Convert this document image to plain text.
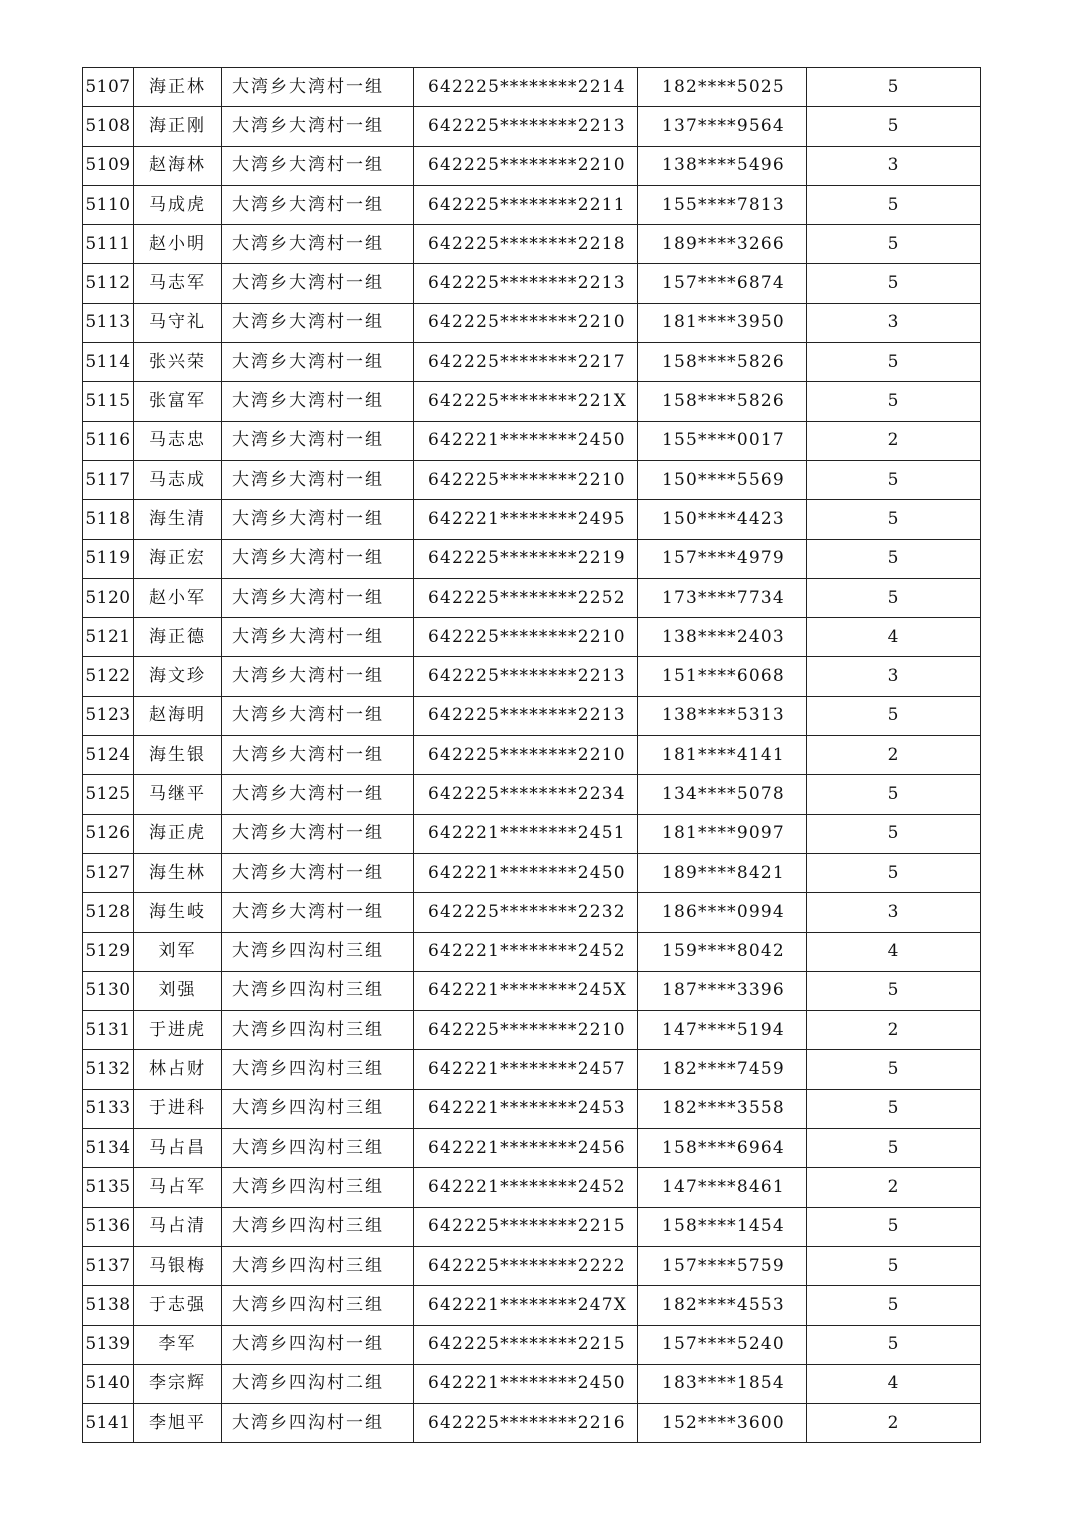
5107	海正林	大湾乡大湾村一组	642225********2214	182****5025	5
5108	海正刚	大湾乡大湾村一组	642225********2213	137****9564	5
5109	赵海林	大湾乡大湾村一组	642225********2210	138****5496	3
5110	马成虎	大湾乡大湾村一组	642225********2211	155****7813	5
5111	赵小明	大湾乡大湾村一组	642225********2218	189****3266	5
5112	马志军	大湾乡大湾村一组	642225********2213	157****6874	5
5113	马守礼	大湾乡大湾村一组	642225********2210	181****3950	3
5114	张兴荣	大湾乡大湾村一组	642225********2217	158****5826	5
5115	张富军	大湾乡大湾村一组	642225********221X	158****5826	5
5116	马志忠	大湾乡大湾村一组	642221********2450	155****0017	2
5117	马志成	大湾乡大湾村一组	642225********2210	150****5569	5
5118	海生清	大湾乡大湾村一组	642221********2495	150****4423	5
5119	海正宏	大湾乡大湾村一组	642225********2219	157****4979	5
5120	赵小军	大湾乡大湾村一组	642225********2252	173****7734	5
5121	海正德	大湾乡大湾村一组	642225********2210	138****2403	4
5122	海文珍	大湾乡大湾村一组	642225********2213	151****6068	3
5123	赵海明	大湾乡大湾村一组	642225********2213	138****5313	5
5124	海生银	大湾乡大湾村一组	642225********2210	181****4141	2
5125	马继平	大湾乡大湾村一组	642225********2234	134****5078	5
5126	海正虎	大湾乡大湾村一组	642221********2451	181****9097	5
5127	海生林	大湾乡大湾村一组	642221********2450	189****8421	5
5128	海生岐	大湾乡大湾村一组	642225********2232	186****0994	3
5129	刘军	大湾乡四沟村三组	642221********2452	159****8042	4
5130	刘强	大湾乡四沟村三组	642221********245X	187****3396	5
5131	于进虎	大湾乡四沟村三组	642225********2210	147****5194	2
5132	林占财	大湾乡四沟村三组	642221********2457	182****7459	5
5133	于进科	大湾乡四沟村三组	642221********2453	182****3558	5
5134	马占昌	大湾乡四沟村三组	642221********2456	158****6964	5
5135	马占军	大湾乡四沟村三组	642221********2452	147****8461	2
5136	马占清	大湾乡四沟村三组	642225********2215	158****1454	5
5137	马银梅	大湾乡四沟村三组	642225********2222	157****5759	5
5138	于志强	大湾乡四沟村三组	642221********247X	182****4553	5
5139	李军	大湾乡四沟村一组	642225********2215	157****5240	5
5140	李宗辉	大湾乡四沟村二组	642221********2450	183****1854	4
5141	李旭平	大湾乡四沟村一组	642225********2216	152****3600	2
